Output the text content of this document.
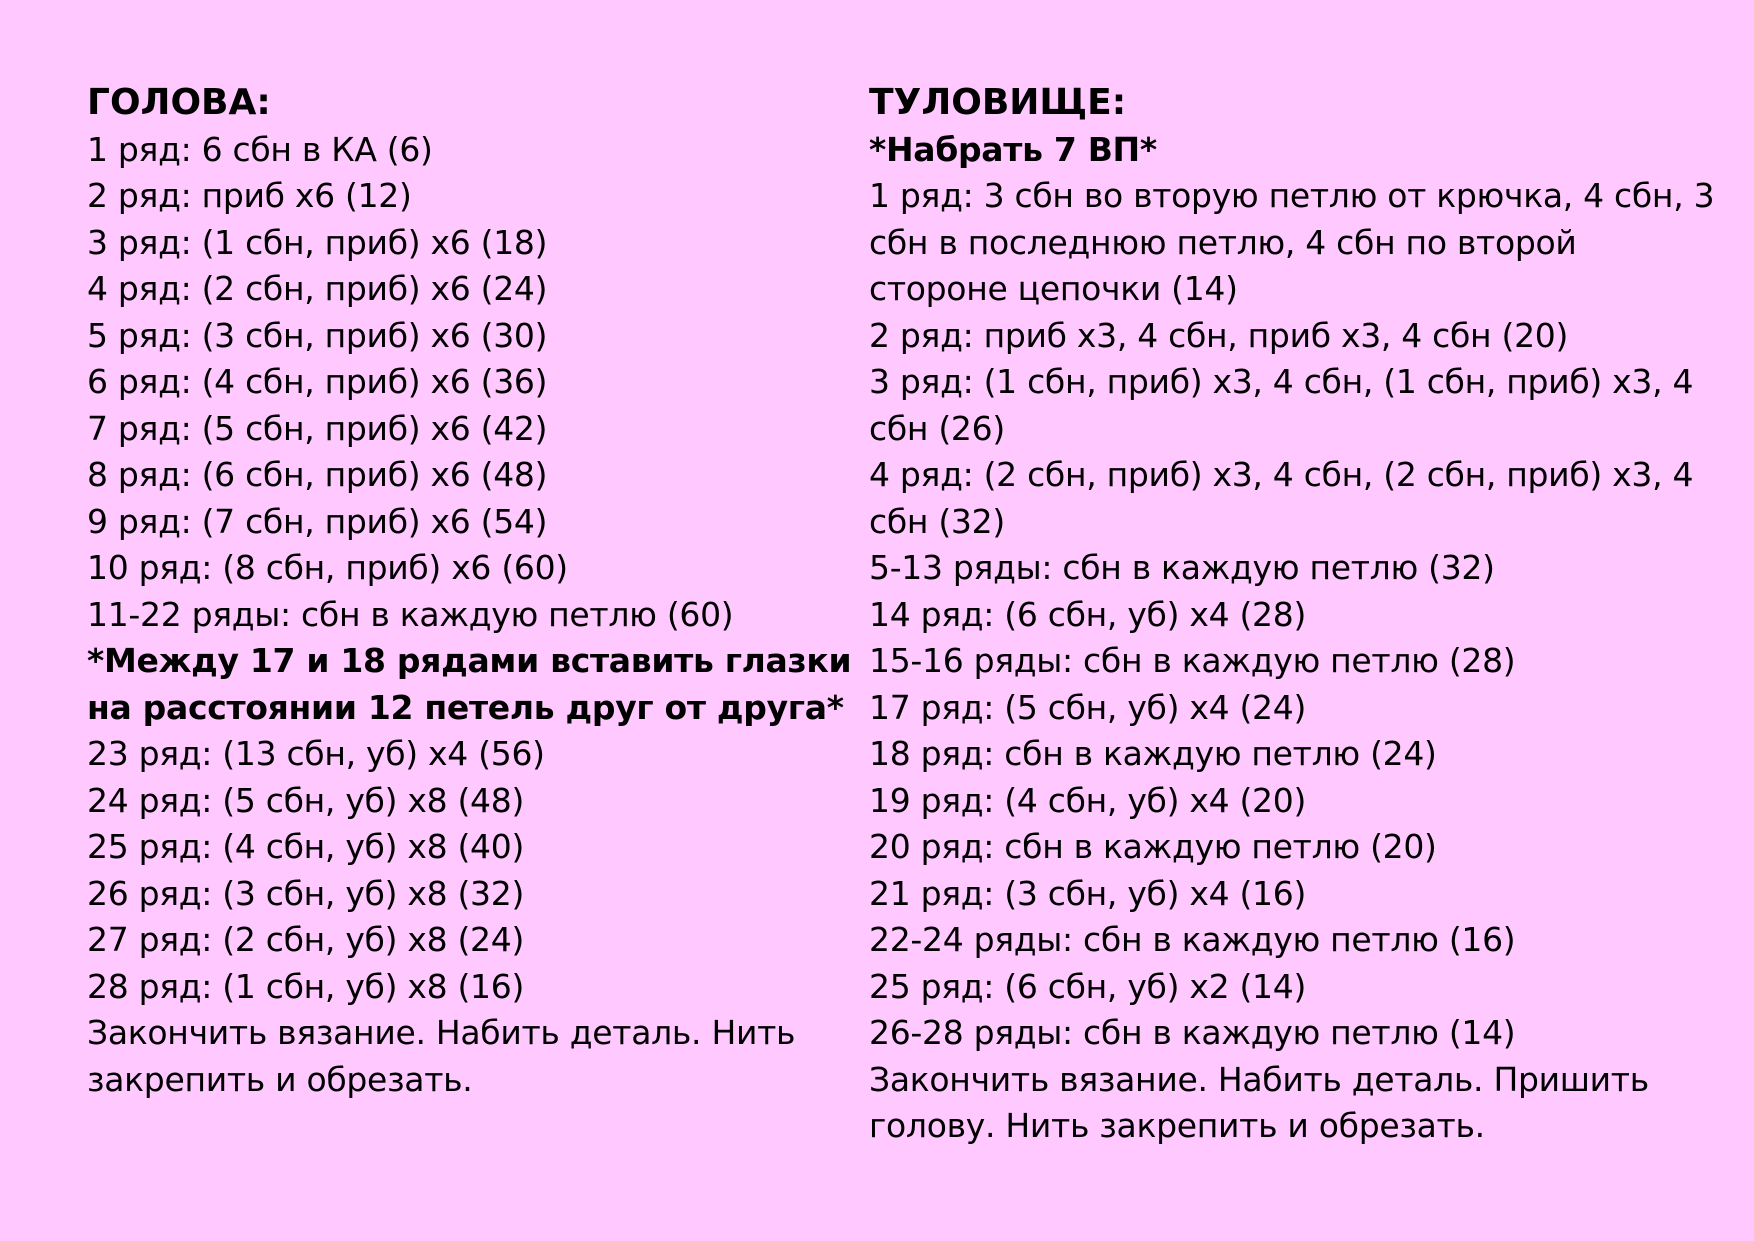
ГОЛОВА:
1 ряд: 6 сбн в КА (6)
2 ряд: приб х6 (12)
3 ряд: (1 сбн, приб) х6 (18)
4 ряд: (2 сбн, приб) х6 (24)
5 ряд: (3 сбн, приб) х6 (30)
6 ряд: (4 сбн, приб) х6 (36)
7 ряд: (5 сбн, приб) х6 (42)
8 ряд: (6 сбн, приб) х6 (48)
9 ряд: (7 сбн, приб) х6 (54)
10 ряд: (8 сбн, приб) х6 (60)
11-22 ряды: сбн в каждую петлю (60)
*Между 17 и 18 рядами вставить глазки
на расстоянии 12 петель друг от друга*
23 ряд: (13 сбн, уб) х4 (56)
24 ряд: (5 сбн, уб) х8 (48)
25 ряд: (4 сбн, уб) х8 (40)
26 ряд: (3 сбн, уб) х8 (32)
27 ряд: (2 сбн, уб) х8 (24)
28 ряд: (1 сбн, уб) х8 (16)
Закончить вязание. Набить деталь. Нить
закрепить и обрезать.
ТУЛОВИЩЕ:
*Набрать 7 ВП*
1 ряд: 3 сбн во вторую петлю от крючка, 4 сбн, 3
сбн в последнюю петлю, 4 сбн по второй
стороне цепочки (14)
2 ряд: приб х3, 4 сбн, приб х3, 4 сбн (20)
3 ряд: (1 сбн, приб) х3, 4 сбн, (1 сбн, приб) х3, 4
сбн (26)
4 ряд: (2 сбн, приб) х3, 4 сбн, (2 сбн, приб) х3, 4
сбн (32)
5-13 ряды: сбн в каждую петлю (32)
14 ряд: (6 сбн, уб) х4 (28)
15-16 ряды: сбн в каждую петлю (28)
17 ряд: (5 сбн, уб) х4 (24)
18 ряд: сбн в каждую петлю (24)
19 ряд: (4 сбн, уб) х4 (20)
20 ряд: сбн в каждую петлю (20)
21 ряд: (3 сбн, уб) х4 (16)
22-24 ряды: сбн в каждую петлю (16)
25 ряд: (6 сбн, уб) х2 (14)
26-28 ряды: сбн в каждую петлю (14)
Закончить вязание. Набить деталь. Пришить
голову. Нить закрепить и обрезать.
